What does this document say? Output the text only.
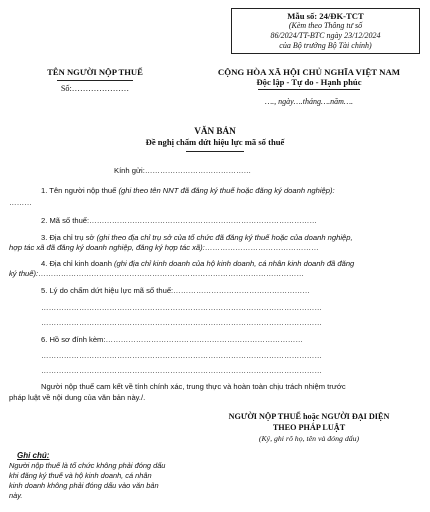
Mẫu số: 24/ĐK-TCT
(Kèm theo Thông tư số
86/2024/TT-BTC ngày 23/12/2024
của Bộ trưởng Bộ Tài chính)
TÊN NGƯỜI NỘP THUẾ
Số:…………………
CỘNG HÒA XÃ HỘI CHỦ NGHĨA VIỆT NAM
Độc lập - Tự do - Hạnh phúc
…., ngày….tháng….năm….
VĂN BẢN
Đề nghị chấm dứt hiệu lực mã số thuế
Kính gửi:……………………………………
1. Tên người nộp thuế (ghi theo tên NNT đã đăng ký thuế hoặc đăng ký doanh nghiệp):
………
2. Mã số thuế:………………………………………………………………………………
3. Địa chỉ trụ sở (ghi theo địa chỉ trụ sở của tổ chức đã đăng ký thuế hoặc của doanh nghiệp,
hợp tác xã đã đăng ký doanh nghiệp, đăng ký hợp tác xã):………………………………………
4. Địa chỉ kinh doanh (ghi địa chỉ kinh doanh của hộ kinh doanh, cá nhân kinh doanh đã đăng
ký thuế):……………………………………………………………………………………………
5. Lý do chấm dứt hiệu lực mã số thuế:………………………………………………
…………………………………………………………………………………………………
…………………………………………………………………………………………………
6. Hồ sơ đính kèm:……………………………………………………………………
…………………………………………………………………………………………………
…………………………………………………………………………………………………
Người nộp thuế cam kết về tính chính xác, trung thực và hoàn toàn chịu trách nhiệm trước
pháp luật về nội dung của văn bản này./.
NGƯỜI NỘP THUẾ hoặc NGƯỜI ĐẠI DIỆN
THEO PHÁP LUẬT
(Ký, ghi rõ họ, tên và đóng dấu)
Ghi chú:
Người nộp thuế là tổ chức không phải đóng dấu
khi đăng ký thuế và hộ kinh doanh, cá nhân
kinh doanh không phải đóng dấu vào văn bản
này.
